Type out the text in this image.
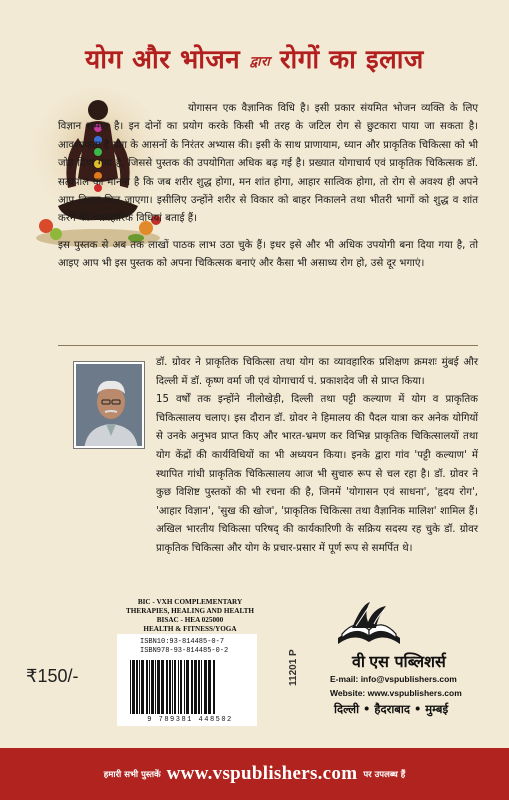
योग और भोजन द्वारा रोगों का इलाज

योगासन एक वैज्ञानिक विधि है। इसी प्रकार संयमित भोजन व्यक्ति के लिए विज्ञान सम्मत है। इन दोनों का प्रयोग करके किसी भी तरह के जटिल रोग से छुटकारा पाया जा सकता है। आवश्यकता है योग के आसनों के निरंतर अभ्यास की। इसी के साथ प्राणायाम, ध्यान और प्राकृतिक चिकित्सा को भी जोड़ दिया गया है, जिससे पुस्तक की उपयोगिता अधिक बढ़ गई है। प्रख्यात योगाचार्य एवं प्राकृतिक चिकित्सक डॉ. सत्यपाल का मानना है कि जब शरीर शुद्ध होगा, मन शांत होगा, आहार सात्विक होगा, तो रोग से अवश्य ही अपने आप निदान मिल जाएगा। इसीलिए उन्होंने शरीर से विकार को बाहर निकालने तथा भीतरी भागों को शुद्ध व शांत करने की व्यावहारिक विधियां बताई हैं।

इस पुस्तक से अब तक लाखों पाठक लाभ उठा चुके हैं। इधर इसे और भी अधिक उपयोगी बना दिया गया है, तो आइए आप भी इस पुस्तक को अपना चिकित्सक बनाएं और कैसा भी असाध्य रोग हो, उसे दूर भगाएं।

डॉ. ग्रोवर ने प्राकृतिक चिकित्सा तथा योग का व्यावहारिक प्रशिक्षण क्रमशः मुंबई और दिल्ली में डॉ. कृष्ण वर्मा जी एवं योगाचार्य पं. प्रकाशदेव जी से प्राप्त किया।

15 वर्षों तक इन्होंने नीलोखेड़ी, दिल्ली तथा पट्टी कल्याण में योग व प्राकृतिक चिकित्सालय चलाए। इस दौरान डॉ. ग्रोवर ने हिमालय की पैदल यात्रा कर अनेक योगियों से उनके अनुभव प्राप्त किए और भारत-भ्रमण कर विभिन्न प्राकृतिक चिकित्सालयों तथा योग केंद्रों की कार्यविधियों का भी अध्ययन किया। इनके द्वारा गांव 'पट्टी कल्याण' में स्थापित गांधी प्राकृतिक चिकित्सालय आज भी सुचारु रूप से चल रहा है। डॉ. ग्रोवर ने कुछ विशिष्ट पुस्तकों की भी रचना की है, जिनमें 'योगासन एवं साधना', 'हृदय रोग', 'आहार विज्ञान', 'सुख की खोज', 'प्राकृतिक चिकित्सा तथा वैज्ञानिक मालिश' शामिल हैं। अखिल भारतीय चिकित्सा परिषद् की कार्यकारिणी के सक्रिय सदस्य रह चुके डॉ. ग्रोवर प्राकृतिक चिकित्सा और योग के प्रचार-प्रसार में पूर्ण रूप से समर्पित थे।

BIC - VXH COMPLEMENTARY
THERAPIES, HEALING AND HEALTH
BISAC - HEA 025000
HEALTH & FITNESS/YOGA
ISBN10:93-814485-0-7
ISBN978-93-814485-0-2
9 789381 448502
₹150/-	11201 P	वी एस पब्लिशर्स
E-mail: info@vspublishers.com
Website: www.vspublishers.com
दिल्ली • हैदराबाद • मुम्बई
हमारी सभी पुस्तकें www.vspublishers.com पर उपलब्ध हैं
